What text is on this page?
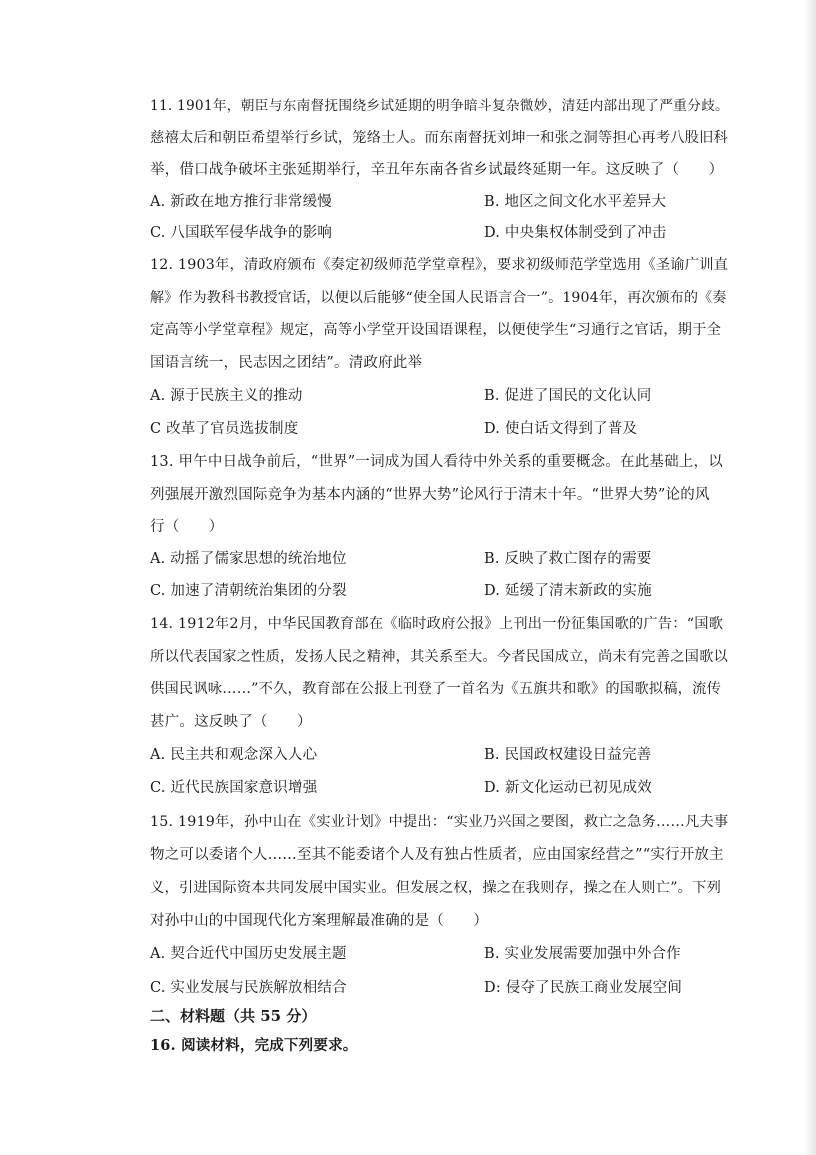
11. 1901年，朝臣与东南督抚围绕乡试延期的明争暗斗复杂微妙，清廷内部出现了严重分歧。
慈禧太后和朝臣希望举行乡试，笼络士人。而东南督抚刘坤一和张之洞等担心再考八股旧科
举，借口战争破坏主张延期举行，辛丑年东南各省乡试最终延期一年。这反映了（　　）
A. 新政在地方推行非常缓慢	B. 地区之间文化水平差异大
C. 八国联军侵华战争的影响	D. 中央集权体制受到了冲击
12. 1903年，清政府颁布《奏定初级师范学堂章程》，要求初级师范学堂选用《圣谕广训直
解》作为教科书教授官话，以便以后能够“使全国人民语言合一”。1904年，再次颁布的《奏
定高等小学堂章程》规定，高等小学堂开设国语课程，以便使学生“习通行之官话，期于全
国语言统一，民志因之团结”。清政府此举
A. 源于民族主义的推动	B. 促进了国民的文化认同
C 改革了官员选拔制度	D. 使白话文得到了普及
13. 甲午中日战争前后，“世界”一词成为国人看待中外关系的重要概念。在此基础上，以
列强展开激烈国际竞争为基本内涵的“世界大势”论风行于清末十年。“世界大势”论的风
行（　　）
A. 动摇了儒家思想的统治地位	B. 反映了救亡图存的需要
C. 加速了清朝统治集团的分裂	D. 延缓了清末新政的实施
14. 1912年2月，中华民国教育部在《临时政府公报》上刊出一份征集国歌的广告：“国歌
所以代表国家之性质，发扬人民之精神，其关系至大。今者民国成立，尚未有完善之国歌以
供国民讽咏……”不久，教育部在公报上刊登了一首名为《五旗共和歌》的国歌拟稿，流传
甚广。这反映了（　　）
A. 民主共和观念深入人心	B. 民国政权建设日益完善
C. 近代民族国家意识增强	D. 新文化运动已初见成效
15. 1919年，孙中山在《实业计划》中提出：“实业乃兴国之要图，救亡之急务……凡夫事
物之可以委诸个人……至其不能委诸个人及有独占性质者，应由国家经营之”“实行开放主
义，引进国际资本共同发展中国实业。但发展之权，操之在我则存，操之在人则亡”。下列
对孙中山的中国现代化方案理解最准确的是（　　）
A. 契合近代中国历史发展主题	B. 实业发展需要加强中外合作
C. 实业发展与民族解放相结合	D: 侵夺了民族工商业发展空间
二、材料题（共 55 分）
16. 阅读材料，完成下列要求。
